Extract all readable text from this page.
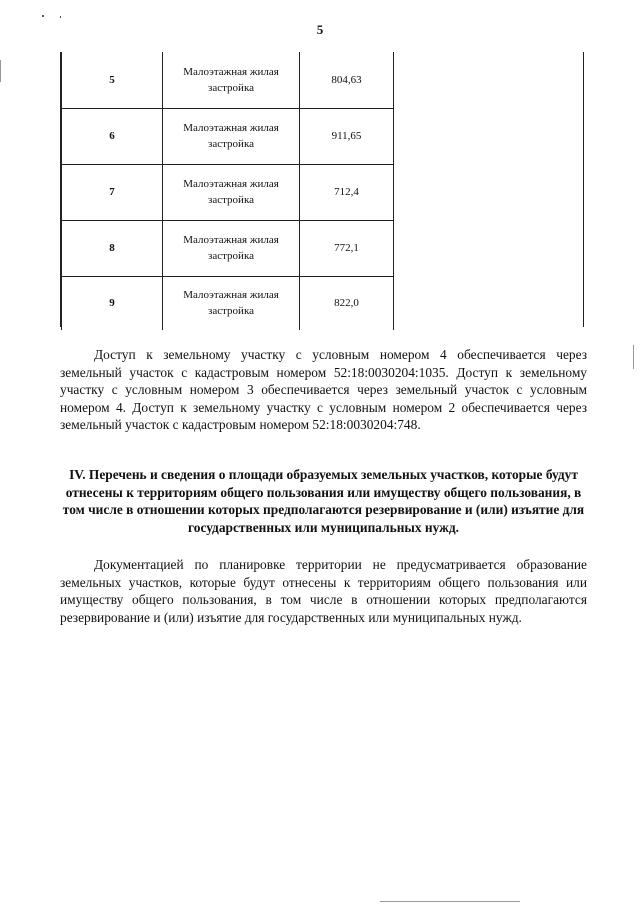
5
5	Малоэтажная жилая застройка	804,63
6	Малоэтажная жилая застройка	911,65
7	Малоэтажная жилая застройка	712,4
8	Малоэтажная жилая застройка	772,1
9	Малоэтажная жилая застройка	822,0

Доступ к земельному участку с условным номером 4 обеспечивается через земельный участок с кадастровым номером 52:18:0030204:1035. Доступ к земельному участку с условным номером 3 обеспечивается через земельный участок с условным номером 4. Доступ к земельному участку с условным номером 2 обеспечивается через земельный участок с кадастровым номером 52:18:0030204:748.

IV. Перечень и сведения о площади образуемых земельных участков, которые будут отнесены к территориям общего пользования или имуществу общего пользования, в том числе в отношении которых предполагаются резервирование и (или) изъятие для государственных или муниципальных нужд.

Документацией по планировке территории не предусматривается образование земельных участков, которые будут отнесены к территориям общего пользования или имуществу общего пользования, в том числе в отношении которых предполагаются резервирование и (или) изъятие для государственных или муниципальных нужд.
